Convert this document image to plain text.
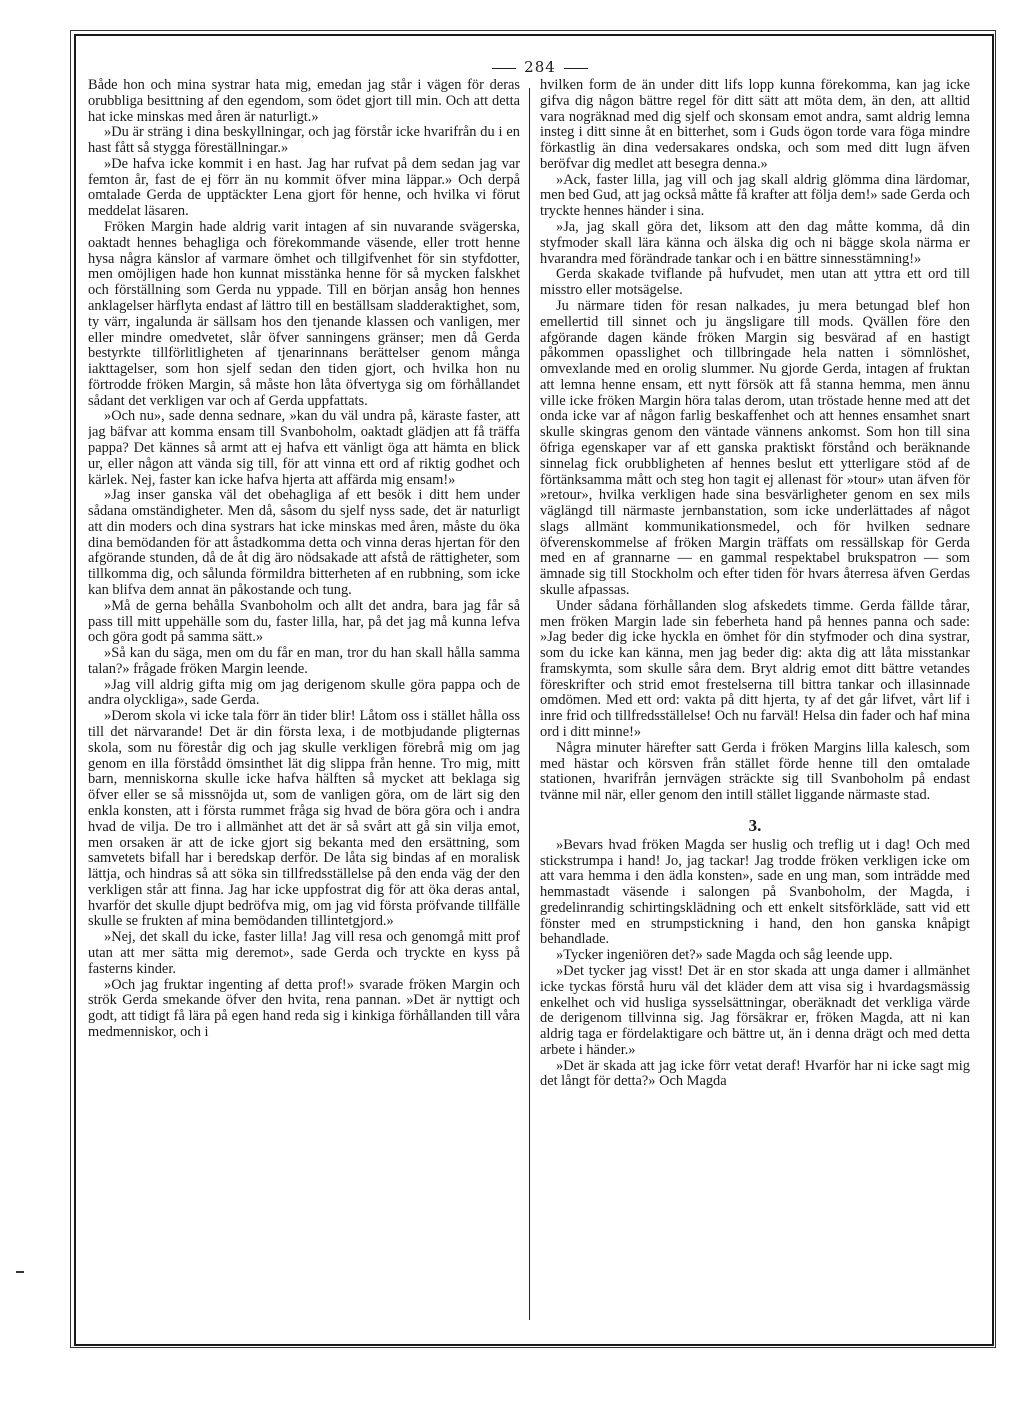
284

Både hon och mina systrar hata mig, emedan jag står i vägen för deras orubbliga besittning af den egendom, som ödet gjort till min. Och att detta hat icke minskas med åren är naturligt.»

»Du är sträng i dina beskyllningar, och jag förstår icke hvarifrån du i en hast fått så stygga föreställningar.»

»De hafva icke kommit i en hast. Jag har rufvat på dem sedan jag var femton år, fast de ej förr än nu kommit öfver mina läppar.» Och derpå omtalade Gerda de upptäckter Lena gjort för henne, och hvilka vi förut meddelat läsaren.

Fröken Margin hade aldrig varit intagen af sin nuvarande svägerska, oaktadt hennes behagliga och förekommande väsende, eller trott henne hysa några känslor af varmare ömhet och tillgifvenhet för sin styfdotter, men omöjligen hade hon kunnat misstänka henne för så mycken falskhet och förställning som Gerda nu yppade. Till en början ansåg hon hennes anklagelser härflyta endast af lättro till en beställsam sladderaktighet, som, ty värr, ingalunda är sällsam hos den tjenande klassen och vanligen, mer eller mindre omedvetet, slår öfver sanningens gränser; men då Gerda bestyrkte tillförlitligheten af tjenarinnans berättelser genom många iakttagelser, som hon sjelf sedan den tiden gjort, och hvilka hon nu förtrodde fröken Margin, så måste hon låta öfvertyga sig om förhållandet sådant det verkligen var och af Gerda uppfattats.

»Och nu», sade denna sednare, »kan du väl undra på, käraste faster, att jag bäfvar att komma ensam till Svanboholm, oaktadt glädjen att få träffa pappa? Det kännes så armt att ej hafva ett vänligt öga att hämta en blick ur, eller någon att vända sig till, för att vinna ett ord af riktig godhet och kärlek. Nej, faster kan icke hafva hjerta att affärda mig ensam!»

»Jag inser ganska väl det obehagliga af ett besök i ditt hem under sådana omständigheter. Men då, såsom du sjelf nyss sade, det är naturligt att din moders och dina systrars hat icke minskas med åren, måste du öka dina bemödanden för att åstadkomma detta och vinna deras hjertan för den afgörande stunden, då de åt dig äro nödsakade att afstå de rättigheter, som tillkomma dig, och sålunda förmildra bitterheten af en rubbning, som icke kan blifva dem annat än påkostande och tung.

»Må de gerna behålla Svanboholm och allt det andra, bara jag får så pass till mitt uppehälle som du, faster lilla, har, på det jag må kunna lefva och göra godt på samma sätt.»

»Så kan du säga, men om du får en man, tror du han skall hålla samma talan?» frågade fröken Margin leende.

»Jag vill aldrig gifta mig om jag derigenom skulle göra pappa och de andra olyckliga», sade Gerda.

»Derom skola vi icke tala förr än tider blir! Låtom oss i stället hålla oss till det närvarande! Det är din första lexa, i de motbjudande pligternas skola, som nu förestår dig och jag skulle verkligen förebrå mig om jag genom en illa förstådd ömsinthet lät dig slippa från henne. Tro mig, mitt barn, menniskorna skulle icke hafva hälften så mycket att beklaga sig öfver eller se så missnöjda ut, som de vanligen göra, om de lärt sig den enkla konsten, att i första rummet fråga sig hvad de böra göra och i andra hvad de vilja. De tro i allmänhet att det är så svårt att gå sin vilja emot, men orsaken är att de icke gjort sig bekanta med den ersättning, som samvetets bifall har i beredskap derför. De låta sig bindas af en moralisk lättja, och hindras så att söka sin tillfredsställelse på den enda väg der den verkligen står att finna. Jag har icke uppfostrat dig för att öka deras antal, hvarför det skulle djupt bedröfva mig, om jag vid första pröfvande tillfälle skulle se frukten af mina bemödanden tillintetgjord.»

»Nej, det skall du icke, faster lilla! Jag vill resa och genomgå mitt prof utan att mer sätta mig deremot», sade Gerda och tryckte en kyss på fasterns kinder.

»Och jag fruktar ingenting af detta prof!» svarade fröken Margin och strök Gerda smekande öfver den hvita, rena pannan. »Det är nyttigt och godt, att tidigt få lära på egen hand reda sig i kinkiga förhållanden till våra medmenniskor, och i

hvilken form de än under ditt lifs lopp kunna förekomma, kan jag icke gifva dig någon bättre regel för ditt sätt att möta dem, än den, att alltid vara nogräknad med dig sjelf och skonsam emot andra, samt aldrig lemna insteg i ditt sinne åt en bitterhet, som i Guds ögon torde vara föga mindre förkastlig än dina vedersakares ondska, och som med ditt lugn äfven beröfvar dig medlet att besegra denna.»

»Ack, faster lilla, jag vill och jag skall aldrig glömma dina lärdomar, men bed Gud, att jag också måtte få krafter att följa dem!» sade Gerda och tryckte hennes händer i sina.

»Ja, jag skall göra det, liksom att den dag måtte komma, då din styfmoder skall lära känna och älska dig och ni bägge skola närma er hvarandra med förändrade tankar och i en bättre sinnesstämning!»

Gerda skakade tviflande på hufvudet, men utan att yttra ett ord till misstro eller motsägelse.

Ju närmare tiden för resan nalkades, ju mera betungad blef hon emellertid till sinnet och ju ängsligare till mods. Qvällen före den afgörande dagen kände fröken Margin sig besvärad af en hastigt påkommen opasslighet och tillbringade hela natten i sömnlöshet, omvexlande med en orolig slummer. Nu gjorde Gerda, intagen af fruktan att lemna henne ensam, ett nytt försök att få stanna hemma, men ännu ville icke fröken Margin höra talas derom, utan tröstade henne med att det onda icke var af någon farlig beskaffenhet och att hennes ensamhet snart skulle skingras genom den väntade vännens ankomst. Som hon till sina öfriga egenskaper var af ett ganska praktiskt förstånd och beräknande sinnelag fick orubbligheten af hennes beslut ett ytterligare stöd af de förtänksamma mått och steg hon tagit ej allenast för »tour» utan äfven för »retour», hvilka verkligen hade sina besvärligheter genom en sex mils väglängd till närmaste jernbanstation, som icke underlättades af något slags allmänt kommunikationsmedel, och för hvilken sednare öfverenskommelse af fröken Margin träffats om ressällskap för Gerda med en af grannarne — en gammal respektabel brukspatron — som ämnade sig till Stockholm och efter tiden för hvars återresa äfven Gerdas skulle afpassas.

Under sådana förhållanden slog afskedets timme. Gerda fällde tårar, men fröken Margin lade sin feberheta hand på hennes panna och sade: »Jag beder dig icke hyckla en ömhet för din styfmoder och dina systrar, som du icke kan känna, men jag beder dig: akta dig att låta misstankar framskymta, som skulle såra dem. Bryt aldrig emot ditt bättre vetandes föreskrifter och strid emot frestelserna till bittra tankar och illasinnade omdömen. Med ett ord: vakta på ditt hjerta, ty af det går lifvet, vårt lif i inre frid och tillfredsställelse! Och nu farväl! Helsa din fader och haf mina ord i ditt minne!»

Några minuter härefter satt Gerda i fröken Margins lilla kalesch, som med hästar och körsven från stället förde henne till den omtalade stationen, hvarifrån jernvägen sträckte sig till Svanboholm på endast tvänne mil när, eller genom den intill stället liggande närmaste stad.

3.

»Bevars hvad fröken Magda ser huslig och treflig ut i dag! Och med stickstrumpa i hand! Jo, jag tackar! Jag trodde fröken verkligen icke om att vara hemma i den ädla konsten», sade en ung man, som inträdde med hemmastadt väsende i salongen på Svanboholm, der Magda, i gredelinrandig schirtingsklädning och ett enkelt sitsförkläde, satt vid ett fönster med en strumpstickning i hand, den hon ganska knåpigt behandlade.

»Tycker ingeniören det?» sade Magda och såg leende upp.

»Det tycker jag visst! Det är en stor skada att unga damer i allmänhet icke tyckas förstå huru väl det kläder dem att visa sig i hvardagsmässig enkelhet och vid husliga sysselsättningar, oberäknadt det verkliga värde de derigenom tillvinna sig. Jag försäkrar er, fröken Magda, att ni kan aldrig taga er fördelaktigare och bättre ut, än i denna drägt och med detta arbete i händer.»

»Det är skada att jag icke förr vetat deraf! Hvarför har ni icke sagt mig det långt för detta?» Och Magda
